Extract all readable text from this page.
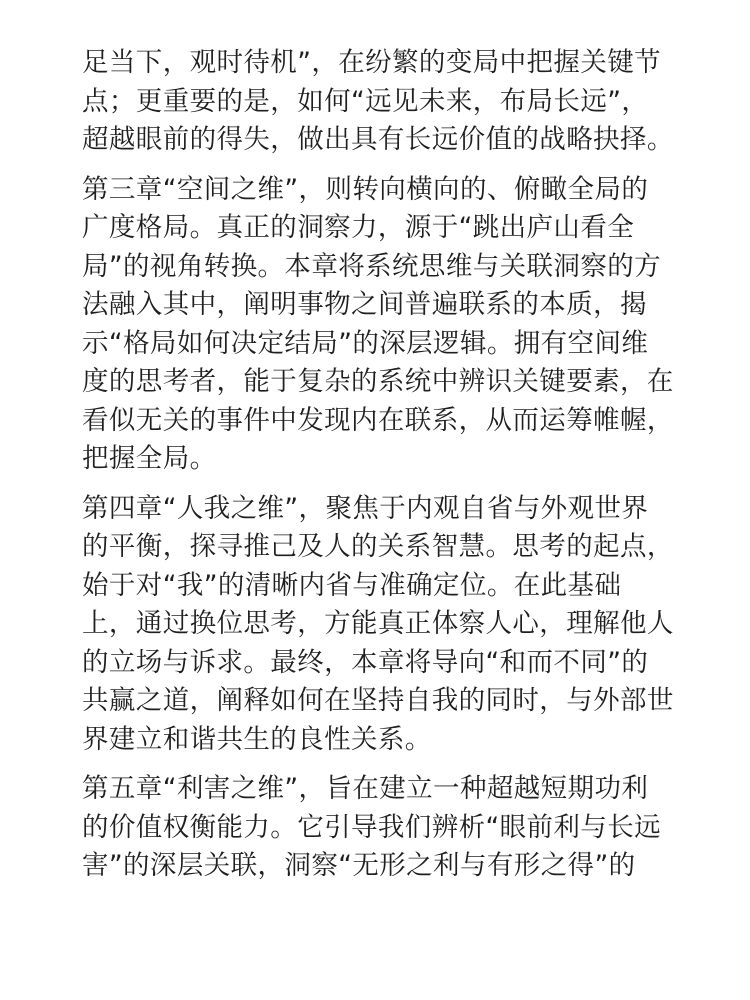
足当下，观时待机”，在纷繁的变局中把握关键节
点；更重要的是，如何“远见未来，布局长远”，
超越眼前的得失，做出具有长远价值的战略抉择。

第三章“空间之维”，则转向横向的、俯瞰全局的
广度格局。真正的洞察力，源于“跳出庐山看全
局”的视角转换。本章将系统思维与关联洞察的方
法融入其中，阐明事物之间普遍联系的本质，揭
示“格局如何决定结局”的深层逻辑。拥有空间维
度的思考者，能于复杂的系统中辨识关键要素，在
看似无关的事件中发现内在联系，从而运筹帷幄，
把握全局。

第四章“人我之维”，聚焦于内观自省与外观世界
的平衡，探寻推己及人的关系智慧。思考的起点，
始于对“我”的清晰内省与准确定位。在此基础
上，通过换位思考，方能真正体察人心，理解他人
的立场与诉求。最终，本章将导向“和而不同”的
共赢之道，阐释如何在坚持自我的同时，与外部世
界建立和谐共生的良性关系。

第五章“利害之维”，旨在建立一种超越短期功利
的价值权衡能力。它引导我们辨析“眼前利与长远
害”的深层关联，洞察“无形之利与有形之得”的
